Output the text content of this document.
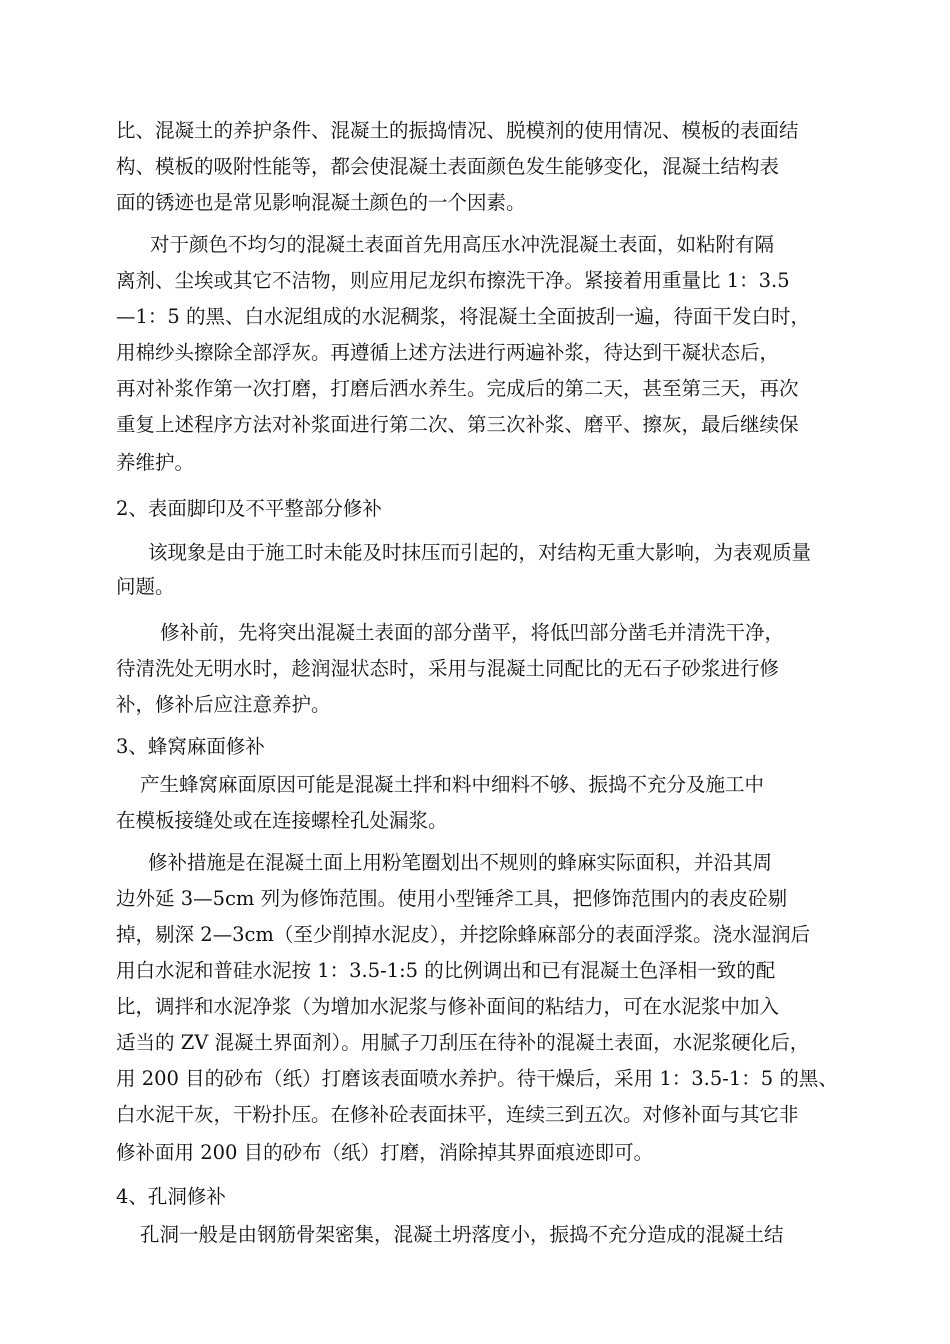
比、混凝土的养护条件、混凝土的振捣情况、脱模剂的使用情况、模板的表面结
构、模板的吸附性能等，都会使混凝土表面颜色发生能够变化，混凝土结构表
面的锈迹也是常见影响混凝土颜色的一个因素。
对于颜色不均匀的混凝土表面首先用高压水冲洗混凝土表面，如粘附有隔
离剂、尘埃或其它不洁物，则应用尼龙织布擦洗干净。紧接着用重量比 1：3.5
—1：5 的黑、白水泥组成的水泥稠浆，将混凝土全面披刮一遍，待面干发白时，
用棉纱头擦除全部浮灰。再遵循上述方法进行两遍补浆，待达到干凝状态后，
再对补浆作第一次打磨，打磨后洒水养生。完成后的第二天，甚至第三天，再次
重复上述程序方法对补浆面进行第二次、第三次补浆、磨平、擦灰，最后继续保
养维护。
2、表面脚印及不平整部分修补
该现象是由于施工时未能及时抹压而引起的，对结构无重大影响，为表观质量
问题。
修补前，先将突出混凝土表面的部分凿平，将低凹部分凿毛并清洗干净，
待清洗处无明水时，趁润湿状态时，采用与混凝土同配比的无石子砂浆进行修
补，修补后应注意养护。
3、蜂窝麻面修补
产生蜂窝麻面原因可能是混凝土拌和料中细料不够、振捣不充分及施工中
在模板接缝处或在连接螺栓孔处漏浆。
修补措施是在混凝土面上用粉笔圈划出不规则的蜂麻实际面积，并沿其周
边外延 3—5cm 列为修饰范围。使用小型锤斧工具，把修饰范围内的表皮砼剔
掉，剔深 2—3cm（至少削掉水泥皮），并挖除蜂麻部分的表面浮浆。浇水湿润后
用白水泥和普硅水泥按 1：3.5-1:5 的比例调出和已有混凝土色泽相一致的配
比，调拌和水泥净浆（为增加水泥浆与修补面间的粘结力，可在水泥浆中加入
适当的 ZV 混凝土界面剂）。用腻子刀刮压在待补的混凝土表面，水泥浆硬化后，
用 200 目的砂布（纸）打磨该表面喷水养护。待干燥后，采用 1：3.5-1：5 的黑、
白水泥干灰，干粉扑压。在修补砼表面抹平，连续三到五次。对修补面与其它非
修补面用 200 目的砂布（纸）打磨，消除掉其界面痕迹即可。
4、孔洞修补
孔洞一般是由钢筋骨架密集，混凝土坍落度小，振捣不充分造成的混凝土结
